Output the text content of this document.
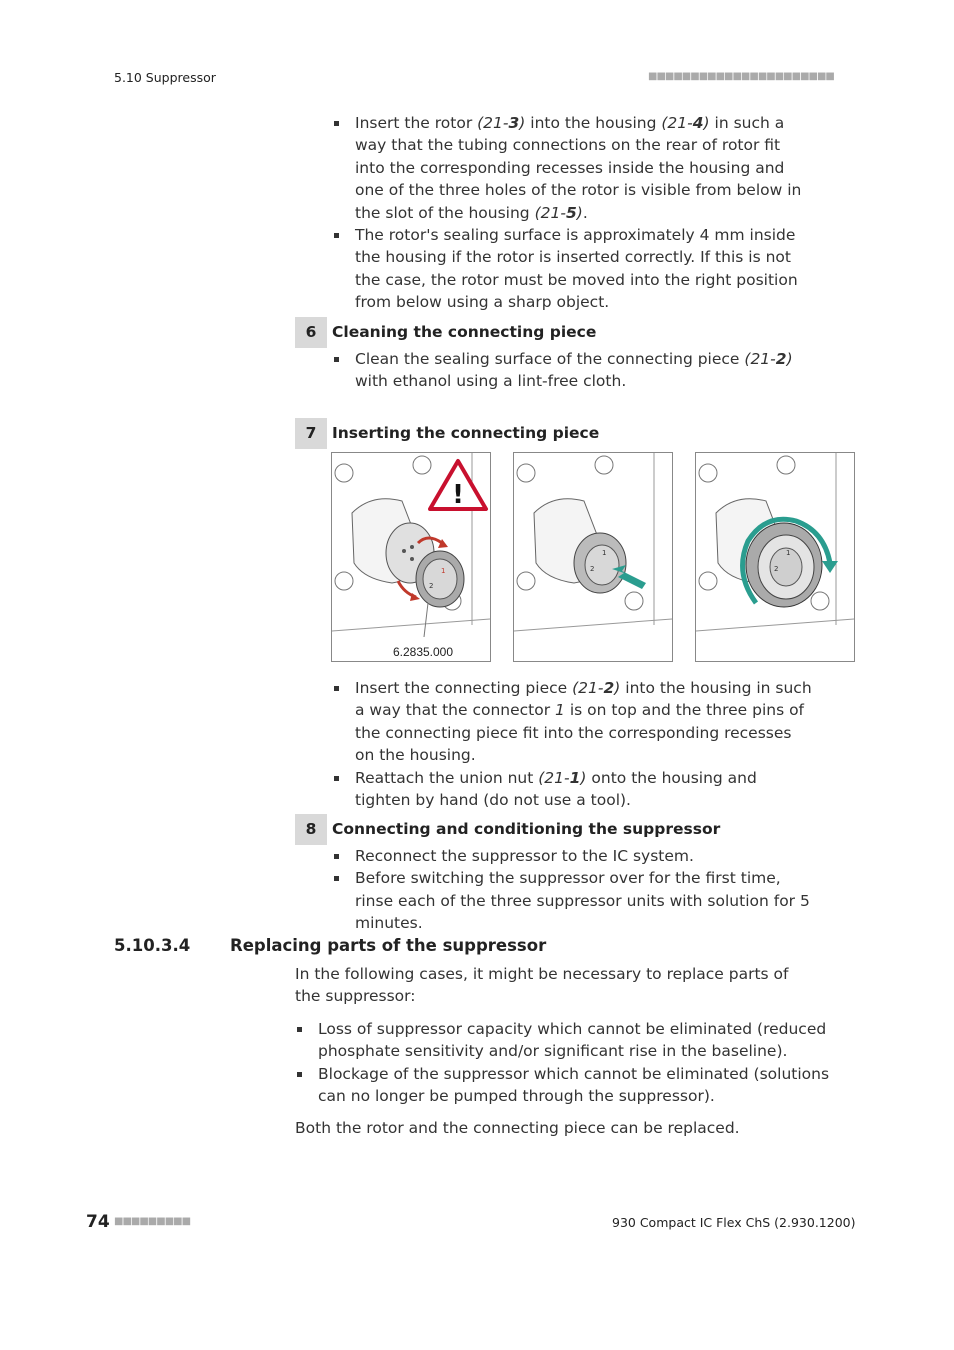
5.10 Suppressor	■■■■■■■■■■■■■■■■■■■■■■
Insert the rotor (21-3) into the housing (21-4) in such a way that the tubing connections on the rear of rotor fit into the corresponding recesses inside the housing and one of the three holes of the rotor is visible from below in the slot of the housing (21-5).
The rotor's sealing surface is approximately 4 mm inside the housing if the rotor is inserted correctly. If this is not the case, the rotor must be moved into the right position from below using a sharp object.
6	Cleaning the connecting piece
Clean the sealing surface of the connecting piece (21-2) with ethanol using a lint-free cloth.
7	Inserting the connecting piece
1
2
!
6.2835.000
1
2
1
2
Insert the connecting piece (21-2) into the housing in such a way that the connector 1 is on top and the three pins of the connecting piece fit into the corresponding recesses on the housing.
Reattach the union nut (21-1) onto the housing and tighten by hand (do not use a tool).
8	Connecting and conditioning the suppressor
Reconnect the suppressor to the IC system.
Before switching the suppressor over for the first time, rinse each of the three suppressor units with solution for 5 minutes.
5.10.3.4 Replacing parts of the suppressor
In the following cases, it might be necessary to replace parts of the suppressor:
Loss of suppressor capacity which cannot be eliminated (reduced phosphate sensitivity and/or significant rise in the baseline).
Blockage of the suppressor which cannot be eliminated (solutions can no longer be pumped through the suppressor).
Both the rotor and the connecting piece can be replaced.
74 ■■■■■■■■■	930 Compact IC Flex ChS (2.930.1200)
